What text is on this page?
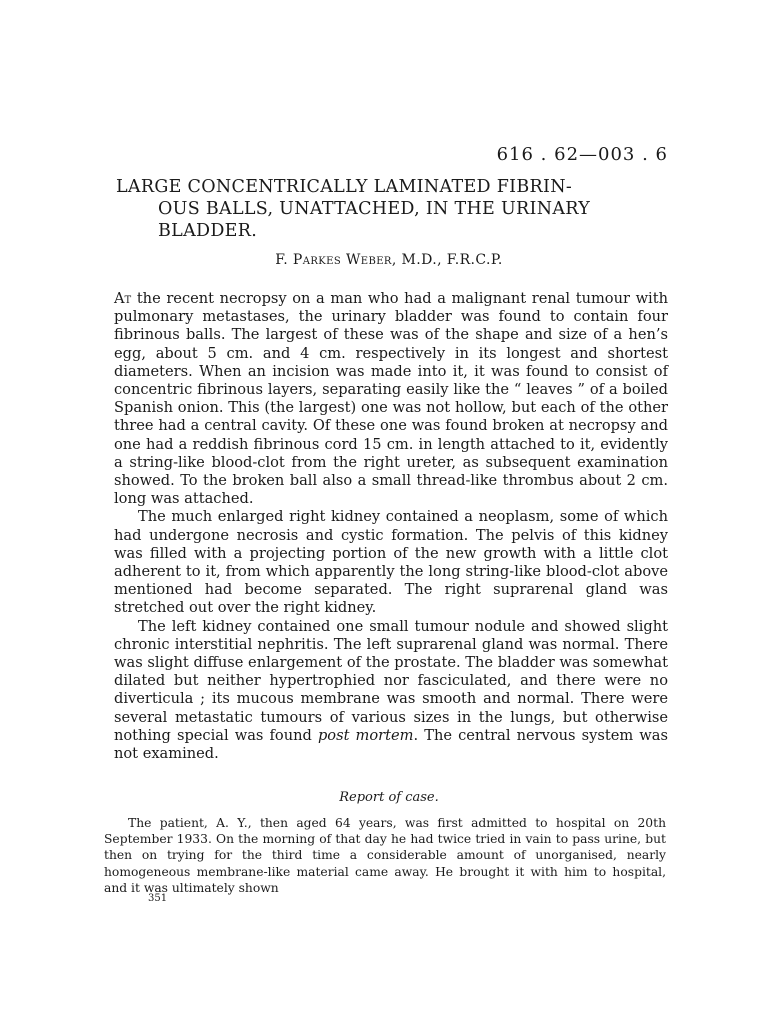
616 . 62—003 . 6
LARGE CONCENTRICALLY LAMINATED FIBRIN-
OUS BALLS, UNATTACHED, IN THE URINARY
BLADDER.
F. Parkes Weber, M.D., F.R.C.P.

At the recent necropsy on a man who had a malignant renal tumour with pulmonary metastases, the urinary bladder was found to contain four fibrinous balls. The largest of these was of the shape and size of a hen’s egg, about 5 cm. and 4 cm. respectively in its longest and shortest diameters. When an incision was made into it, it was found to consist of concentric fibrinous layers, separating easily like the “ leaves ” of a boiled Spanish onion. This (the largest) one was not hollow, but each of the other three had a central cavity. Of these one was found broken at necropsy and one had a reddish fibrinous cord 15 cm. in length attached to it, evidently a string-like blood-clot from the right ureter, as subsequent examination showed. To the broken ball also a small thread-like thrombus about 2 cm. long was attached.

The much enlarged right kidney contained a neoplasm, some of which had undergone necrosis and cystic formation. The pelvis of this kidney was filled with a projecting portion of the new growth with a little clot adherent to it, from which apparently the long string-like blood-clot above mentioned had become separated. The right suprarenal gland was stretched out over the right kidney.

The left kidney contained one small tumour nodule and showed slight chronic interstitial nephritis. The left suprarenal gland was normal. There was slight diffuse enlargement of the prostate. The bladder was somewhat dilated but neither hypertrophied nor fasciculated, and there were no diverticula ; its mucous membrane was smooth and normal. There were several metastatic tumours of various sizes in the lungs, but otherwise nothing special was found post mortem. The central nervous system was not examined.

Report of case.

The patient, A. Y., then aged 64 years, was first admitted to hospital on 20th September 1933. On the morning of that day he had twice tried in vain to pass urine, but then on trying for the third time a considerable amount of unorganised, nearly homogeneous membrane-like material came away. He brought it with him to hospital, and it was ultimately shown

351
